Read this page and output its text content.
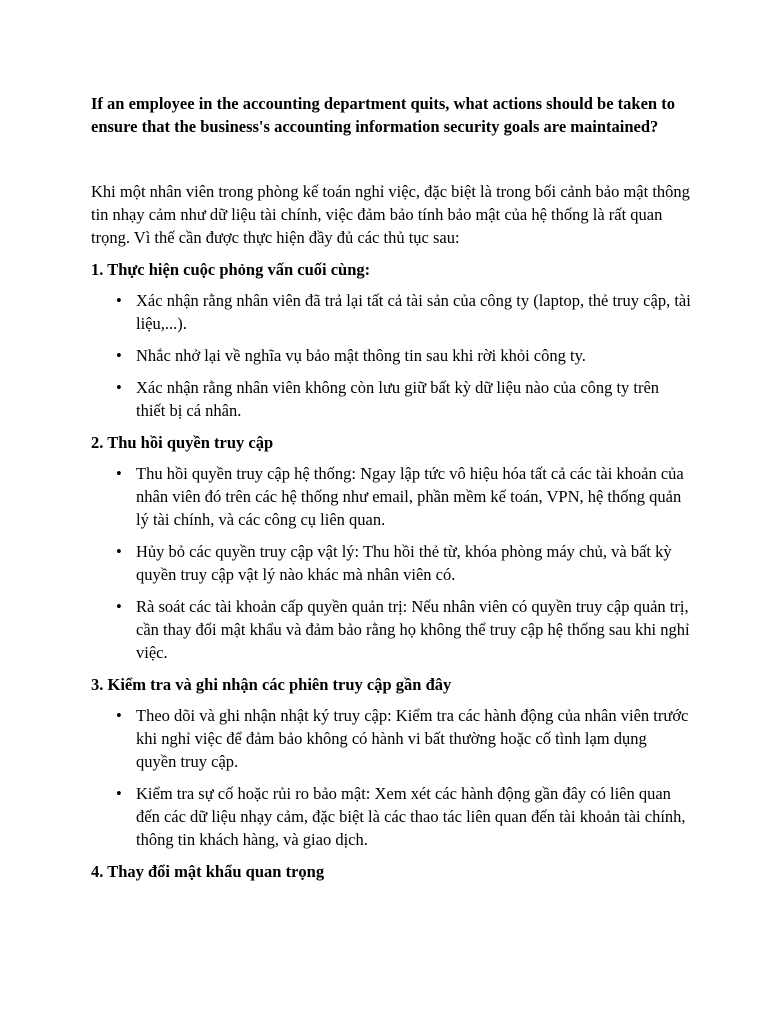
If an employee in the accounting department quits, what actions should be taken to ensure that the business's accounting information security goals are maintained?

Khi một nhân viên trong phòng kế toán nghỉ việc, đặc biệt là trong bối cảnh bảo mật thông tin nhạy cảm như dữ liệu tài chính, việc đảm bảo tính bảo mật của hệ thống là rất quan trọng. Vì thế cần được thực hiện đầy đủ các thủ tục sau:

1. Thực hiện cuộc phỏng vấn cuối cùng:

• Xác nhận rằng nhân viên đã trả lại tất cả tài sản của công ty (laptop, thẻ truy cập, tài liệu,...).
• Nhắc nhở lại về nghĩa vụ bảo mật thông tin sau khi rời khỏi công ty.
• Xác nhận rằng nhân viên không còn lưu giữ bất kỳ dữ liệu nào của công ty trên thiết bị cá nhân.

2. Thu hồi quyền truy cập

• Thu hồi quyền truy cập hệ thống: Ngay lập tức vô hiệu hóa tất cả các tài khoản của nhân viên đó trên các hệ thống như email, phần mềm kế toán, VPN, hệ thống quản lý tài chính, và các công cụ liên quan.
• Hủy bỏ các quyền truy cập vật lý: Thu hồi thẻ từ, khóa phòng máy chủ, và bất kỳ quyền truy cập vật lý nào khác mà nhân viên có.
• Rà soát các tài khoản cấp quyền quản trị: Nếu nhân viên có quyền truy cập quản trị, cần thay đổi mật khẩu và đảm bảo rằng họ không thể truy cập hệ thống sau khi nghỉ việc.

3. Kiểm tra và ghi nhận các phiên truy cập gần đây

• Theo dõi và ghi nhận nhật ký truy cập: Kiểm tra các hành động của nhân viên trước khi nghỉ việc để đảm bảo không có hành vi bất thường hoặc cố tình lạm dụng quyền truy cập.
• Kiểm tra sự cố hoặc rủi ro bảo mật: Xem xét các hành động gần đây có liên quan đến các dữ liệu nhạy cảm, đặc biệt là các thao tác liên quan đến tài khoản tài chính, thông tin khách hàng, và giao dịch.

4. Thay đổi mật khẩu quan trọng
